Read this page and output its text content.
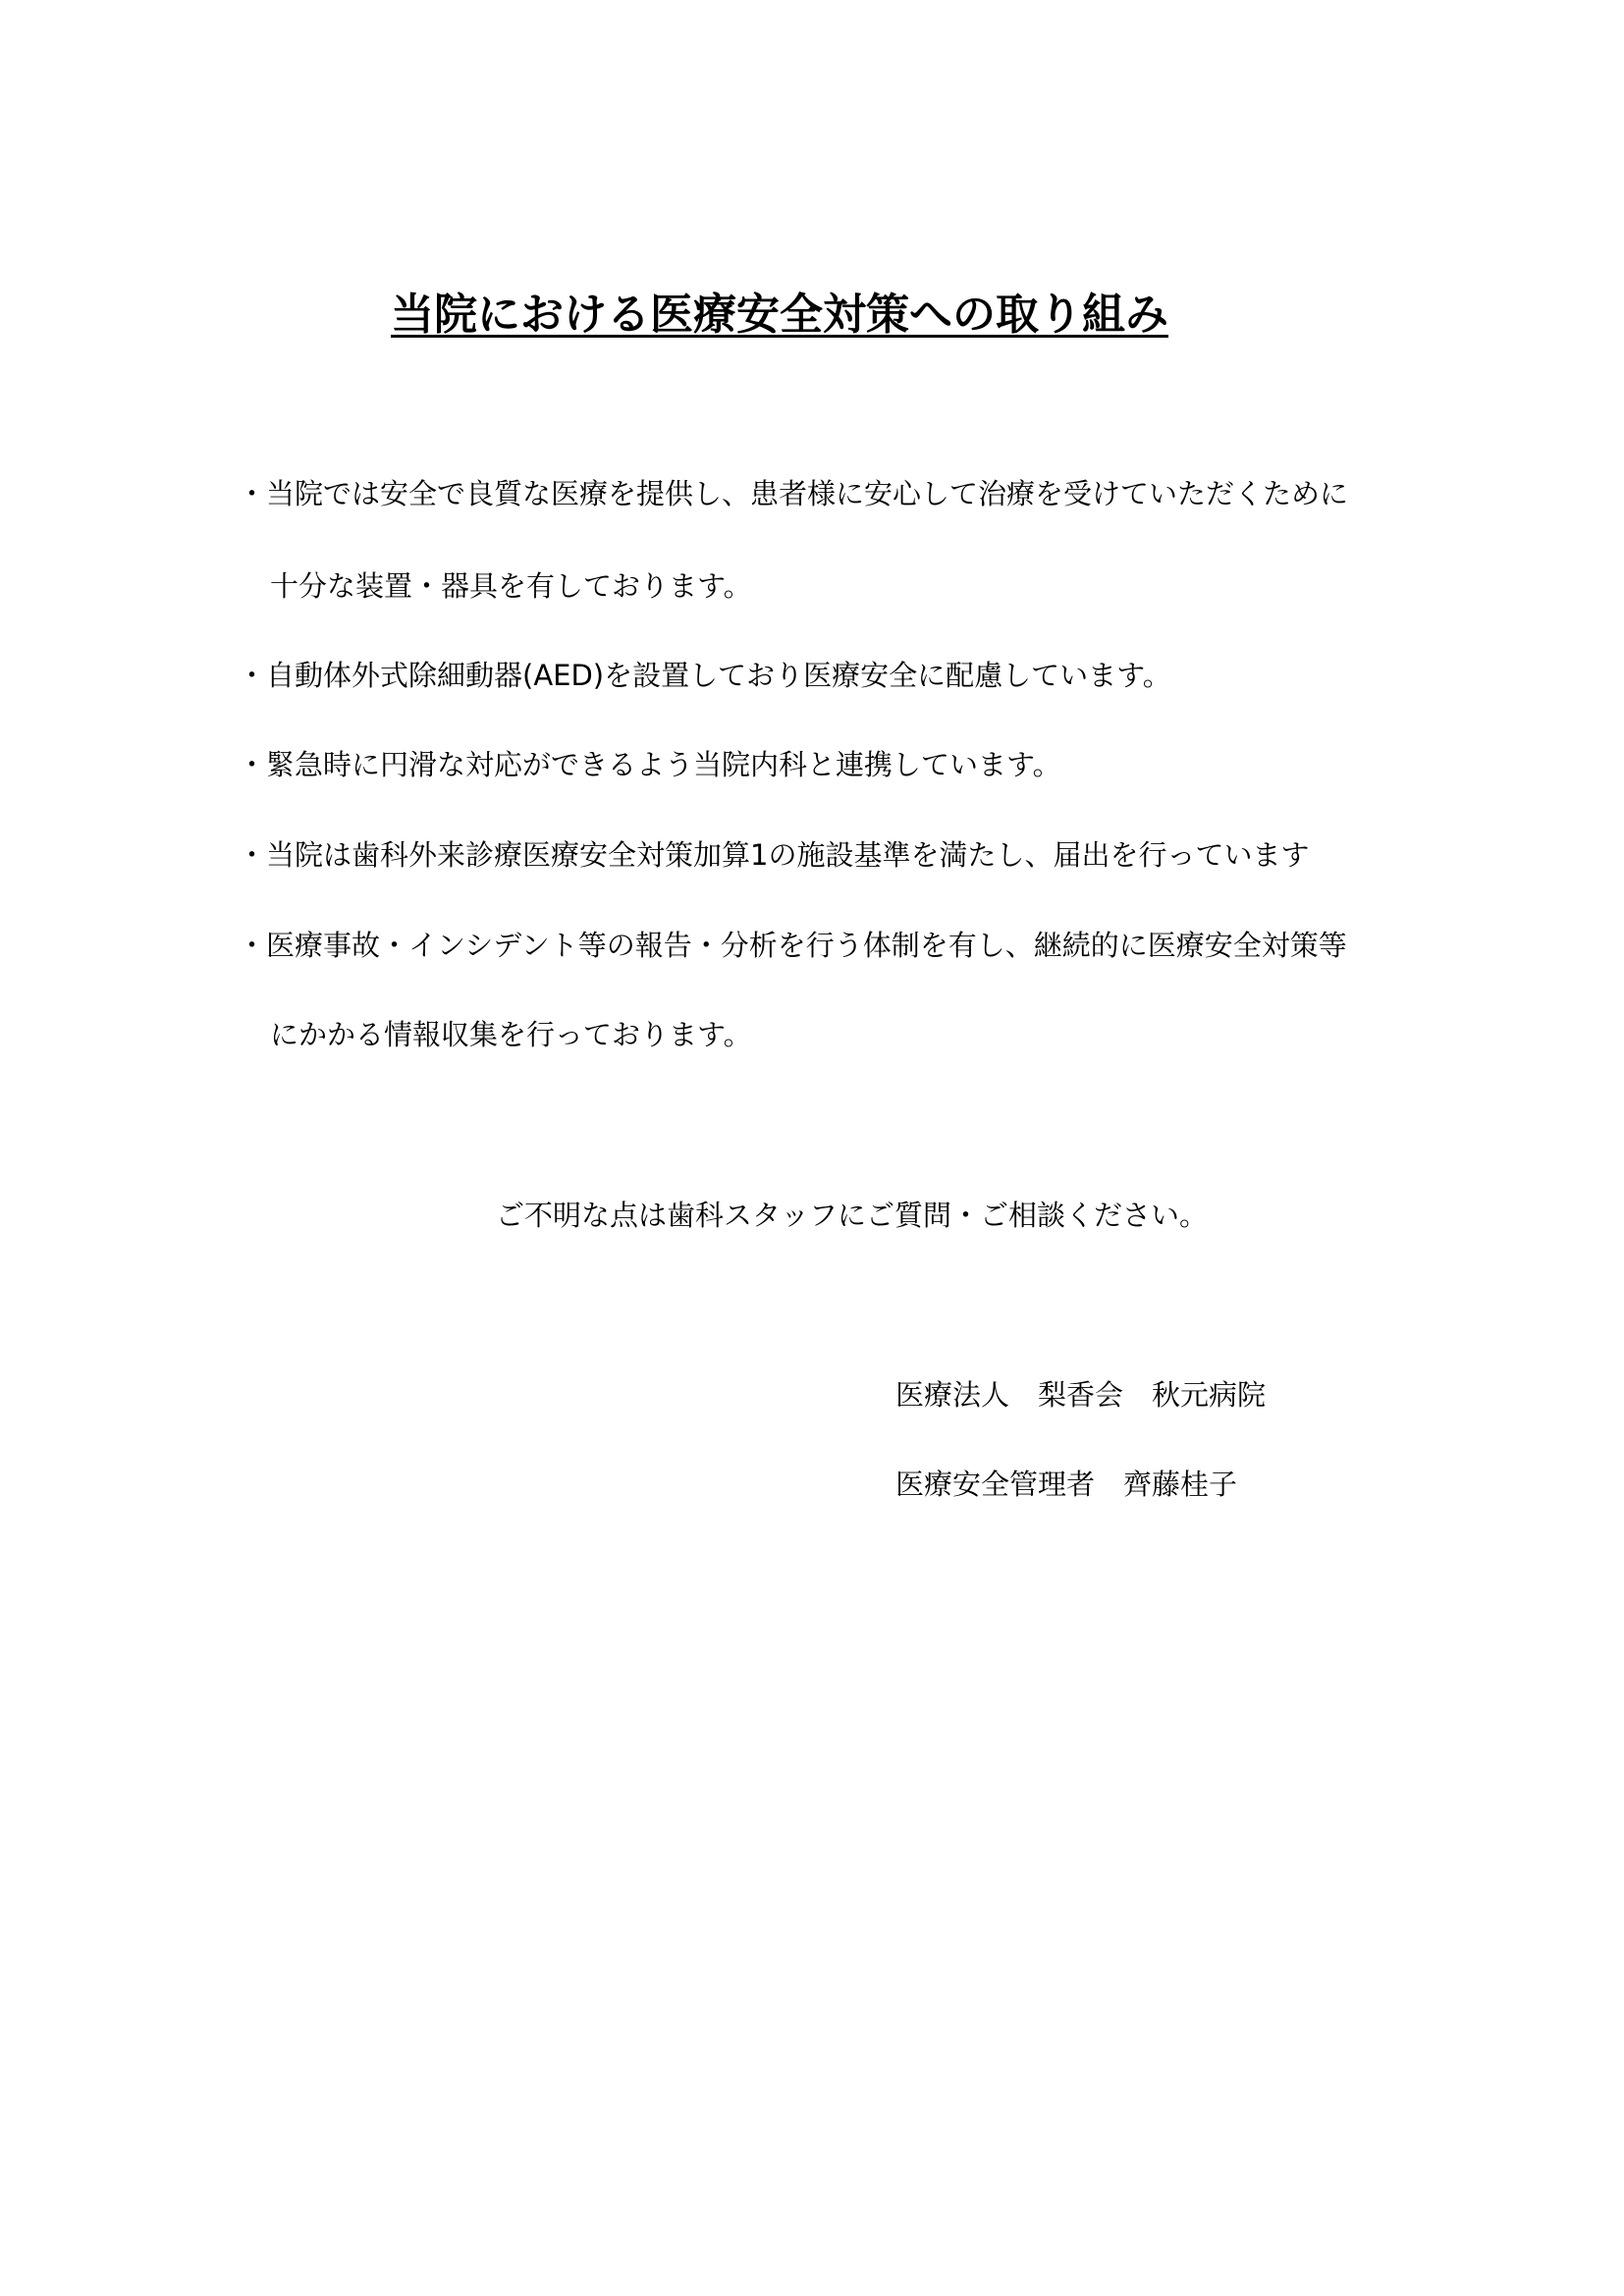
当院における医療安全対策への取り組み
・当院では安全で良質な医療を提供し、患者様に安心して治療を受けていただくために
十分な装置・器具を有しております。
・自動体外式除細動器(AED)を設置しており医療安全に配慮しています。
・緊急時に円滑な対応ができるよう当院内科と連携しています。
・当院は歯科外来診療医療安全対策加算1の施設基準を満たし、届出を行っています
・医療事故・インシデント等の報告・分析を行う体制を有し、継続的に医療安全対策等
にかかる情報収集を行っております。
ご不明な点は歯科スタッフにご質問・ご相談ください。
医療法人　梨香会　秋元病院
医療安全管理者　齊藤桂子
